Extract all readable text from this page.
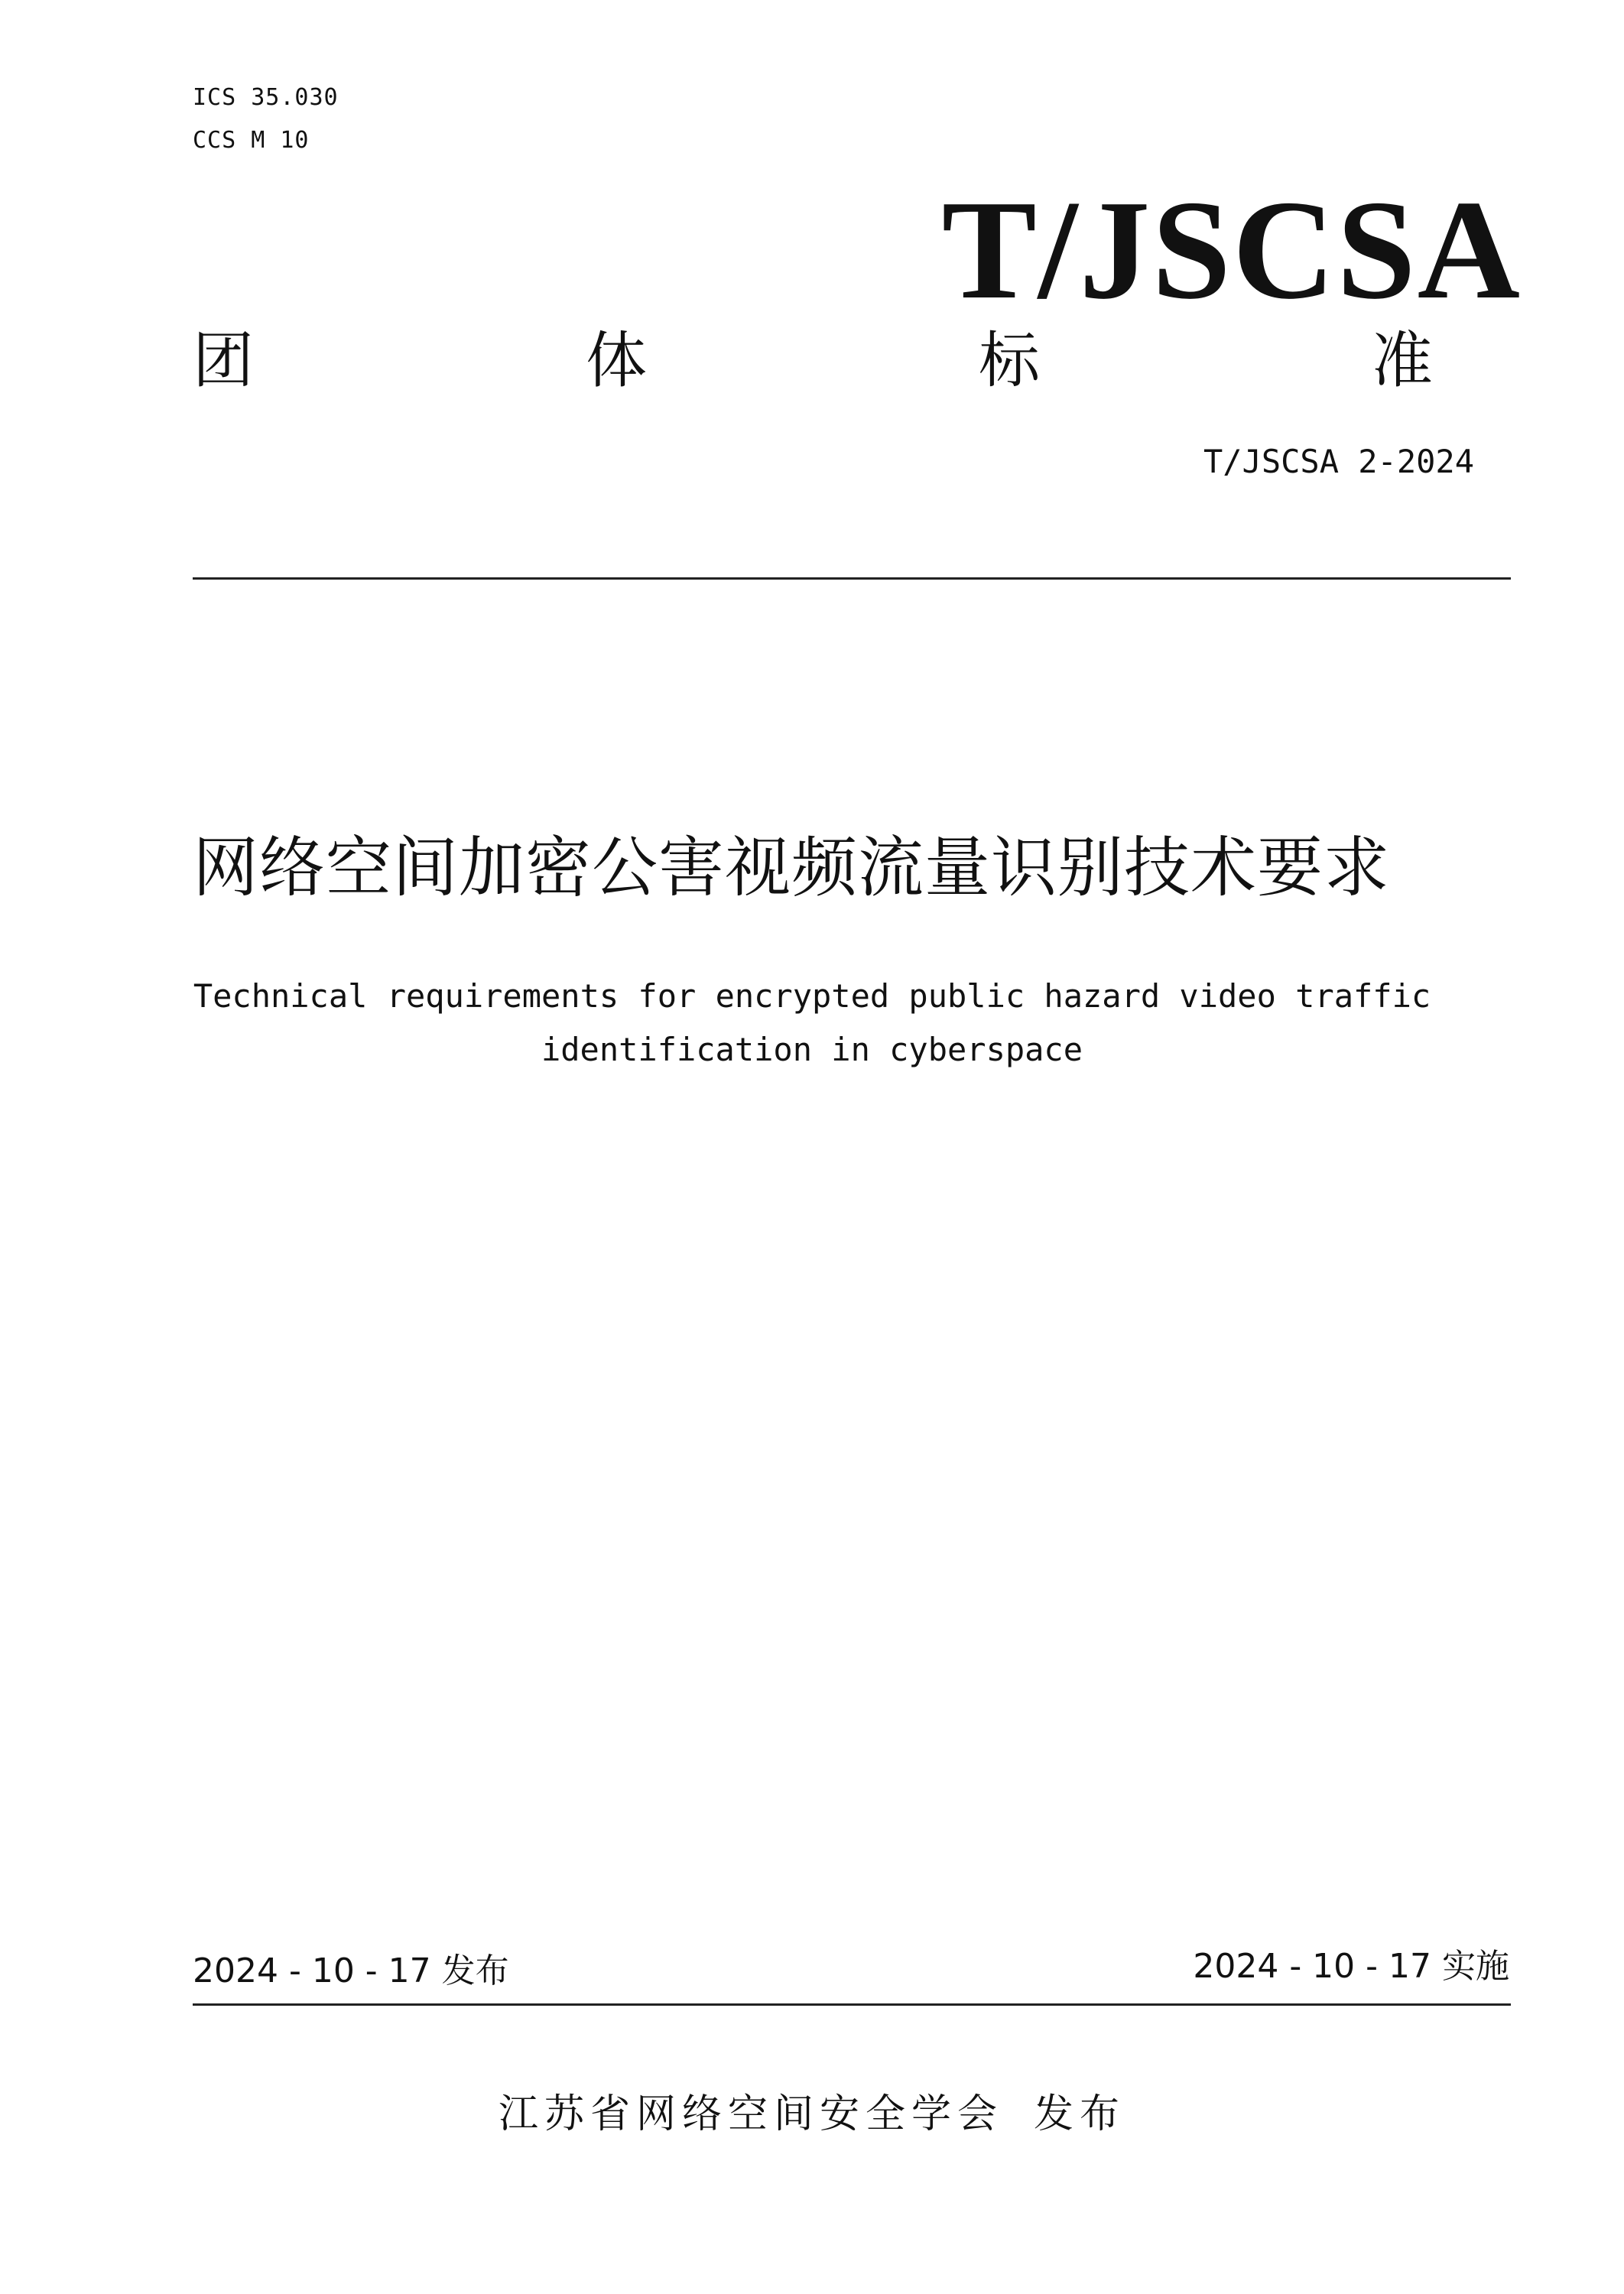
ICS 35.030
CCS M 10
T/JSCSA
团	体	标	准
T/JSCSA 2-2024
网络空间加密公害视频流量识别技术要求
Technical requirements for encrypted public hazard video traffic
identification in cyberspace
2024 - 10 - 17 发布	2024 - 10 - 17 实施
江苏省网络空间安全学会 发布
